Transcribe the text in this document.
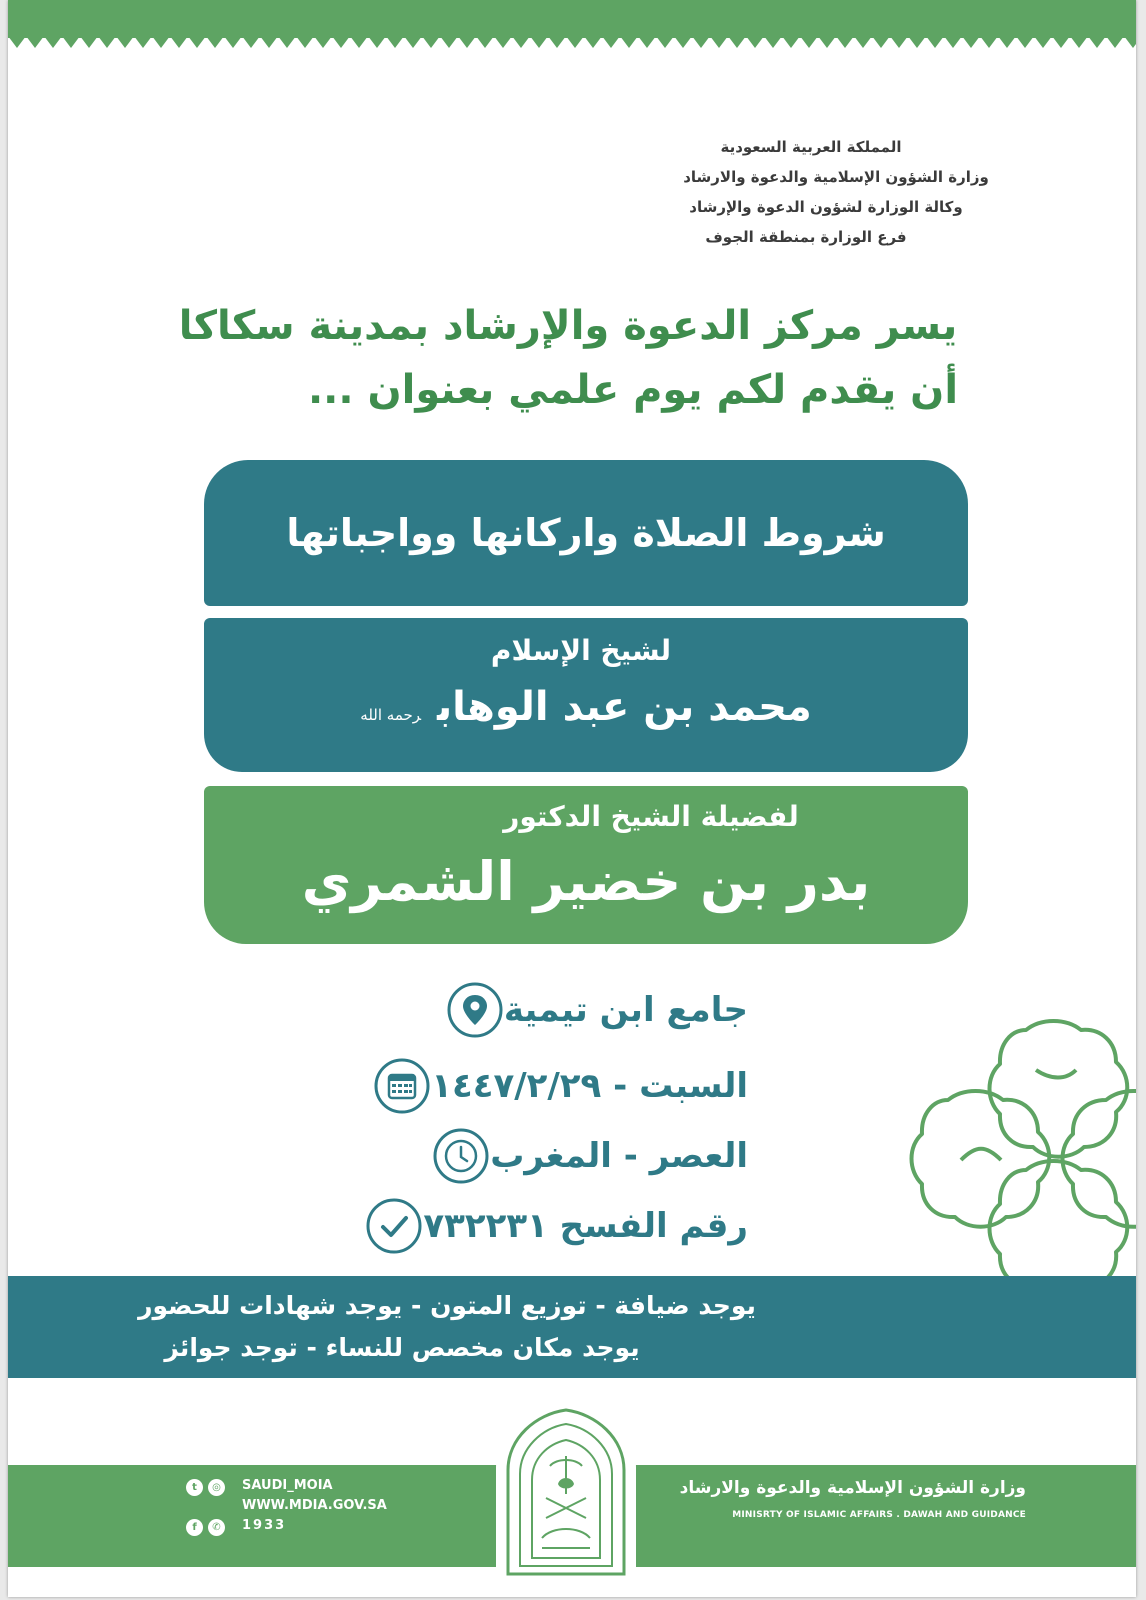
المملكة العربية السعودية
وزارة الشؤون الإسلامية والدعوة والارشاد
وكالة الوزارة لشؤون الدعوة والإرشاد
فرع الوزارة بمنطقة الجوف
يسر مركز الدعوة والإرشاد بمدينة سكاكا
أن يقدم لكم يوم علمي بعنوان ...
شروط الصلاة واركانها وواجباتها
لشيخ الإسلام
محمد بن عبد الوهابرحمه الله
لفضيلة الشيخ الدكتور
بدر بن خضير الشمري
جامع ابن تيمية
السبت - ١٤٤٧/٢/٢٩
العصر - المغرب
رقم الفسح ٧٣٢٢٣١
يوجد ضيافة - توزيع المتون - يوجد شهادات للحضور
يوجد مكان مخصص للنساء - توجد جوائز
t	◎
f	✆
SAUDI_MOIA
WWW.MDIA.GOV.SA
1933
وزارة الشؤون الإسلامية والدعوة والارشاد
MINISRTY OF ISLAMIC AFFAIRS . DAWAH AND GUIDANCE
